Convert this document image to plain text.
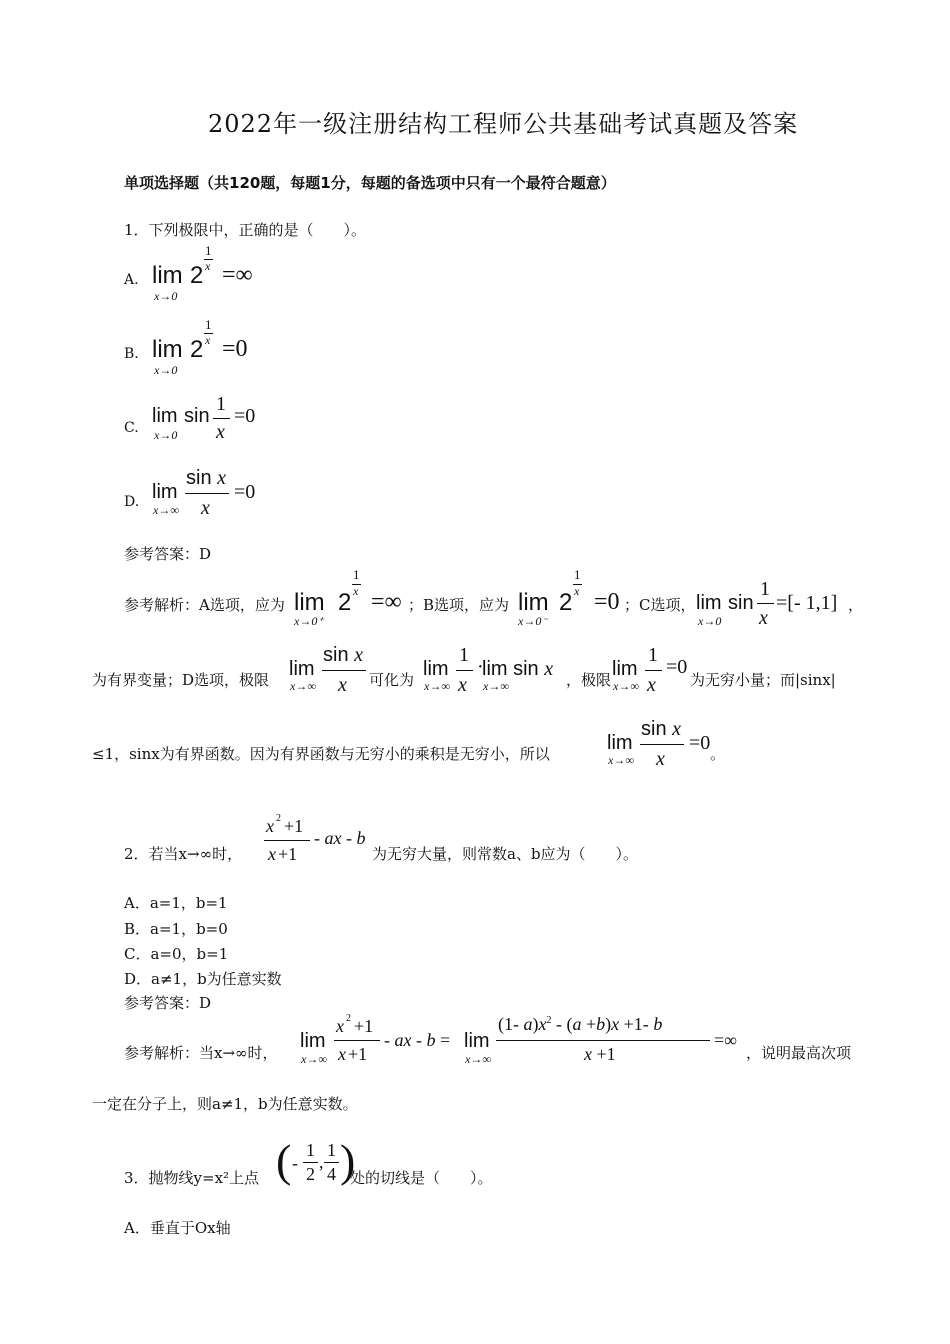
2022年一级注册结构工程师公共基础考试真题及答案
单项选择题（共120题，每题1分，每题的备选项中只有一个最符合题意）
1．下列极限中，正确的是（　　）。
A. lim
x→0
2
1
x =∞
B. lim
x→0
2
1
x =0
C.
lim
x→0
sin
1
x
=0
D. lim
x→∞
sin x
x
=0
参考答案：D
参考解析：A选项，应为 lim
x→0⁺
2
1
x =∞ ；B选项，应为 lim
x→0⁻
2
1
x =0 ；C选项， lim
x→0
sin
1
x
=[- 1,1] ，
为有界变量；D选项，极限 lim
x→∞
sin x
x 可化为 lim
x→∞
1
x
·
lim sin x
x→∞	，极限 lim
x→∞
1
x
=0
为无穷小量；而|sinx|
≤1，sinx为有界函数。因为有界函数与无穷小的乘积是无穷小，所以	lim
x→∞
sin x
x
=0 。
2．若当x→∞时，
x 2 +1
x +1
- ax - b
为无穷大量，则常数a、b应为（　　）。
A．a=1，b=1
B．a=1，b=0
C．a=0，b=1
D．a≠1，b为任意实数
参考答案：D
参考解析：当x→∞时，
lim
x→∞
x 2 +1
x +1
- ax - b = lim
x→∞
(1- $a)x^2 - (a +b)x +1-$ b
x +1
=∞
，说明最高次项
一定在分子上，则a≠1，b为任意实数。
3．抛物线y=x²上点 ( -
1
2
,
1
4 )
处的切线是（　　）。
A．垂直于Ox轴
